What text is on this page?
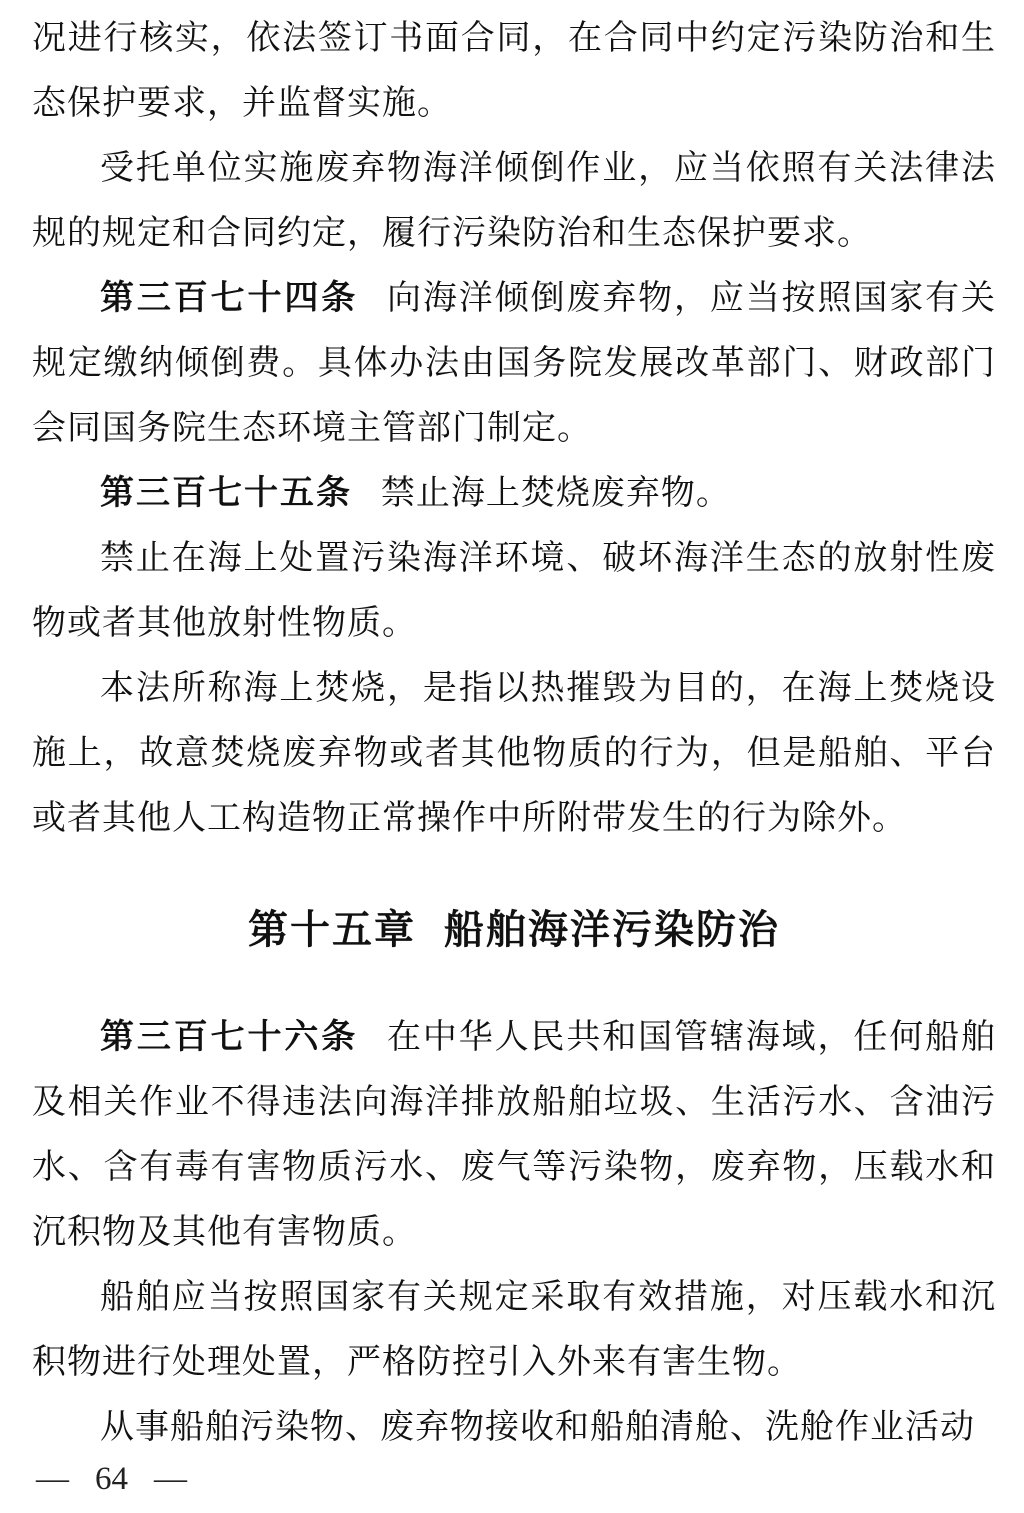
况进行核实，依法签订书面合同，在合同中约定污染防治和生态保护要求，并监督实施。

受托单位实施废弃物海洋倾倒作业，应当依照有关法律法规的规定和合同约定，履行污染防治和生态保护要求。

第三百七十四条 向海洋倾倒废弃物，应当按照国家有关规定缴纳倾倒费。具体办法由国务院发展改革部门、财政部门会同国务院生态环境主管部门制定。

第三百七十五条 禁止海上焚烧废弃物。

禁止在海上处置污染海洋环境、破坏海洋生态的放射性废物或者其他放射性物质。

本法所称海上焚烧，是指以热摧毁为目的，在海上焚烧设施上，故意焚烧废弃物或者其他物质的行为，但是船舶、平台或者其他人工构造物正常操作中所附带发生的行为除外。

第十五章 船舶海洋污染防治

第三百七十六条 在中华人民共和国管辖海域，任何船舶及相关作业不得违法向海洋排放船舶垃圾、生活污水、含油污水、含有毒有害物质污水、废气等污染物，废弃物，压载水和沉积物及其他有害物质。

船舶应当按照国家有关规定采取有效措施，对压载水和沉积物进行处理处置，严格防控引入外来有害生物。

从事船舶污染物、废弃物接收和船舶清舱、洗舱作业活动

— 64 —
